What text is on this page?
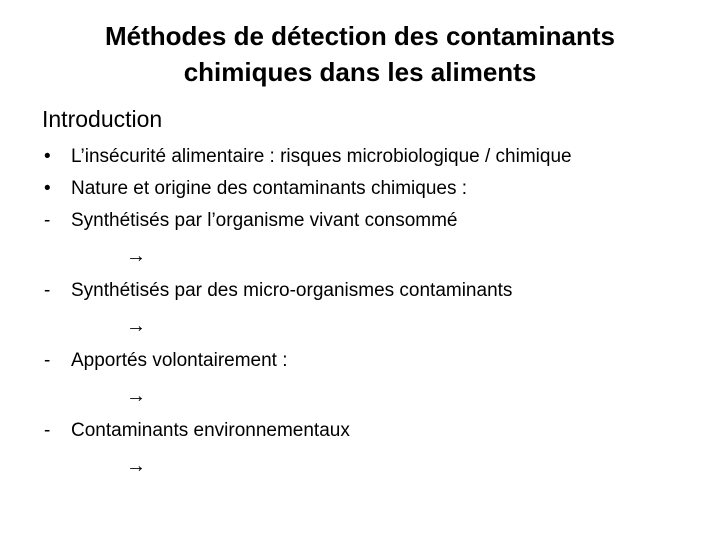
Méthodes de détection des contaminants
chimiques dans les aliments
Introduction
•	L’insécurité alimentaire : risques microbiologique / chimique
•	Nature et origine des contaminants chimiques :
-	Synthétisés par l’organisme vivant consommé
→
-	Synthétisés par des micro-organismes contaminants
→
-	Apportés volontairement :
→
-	Contaminants environnementaux
→
